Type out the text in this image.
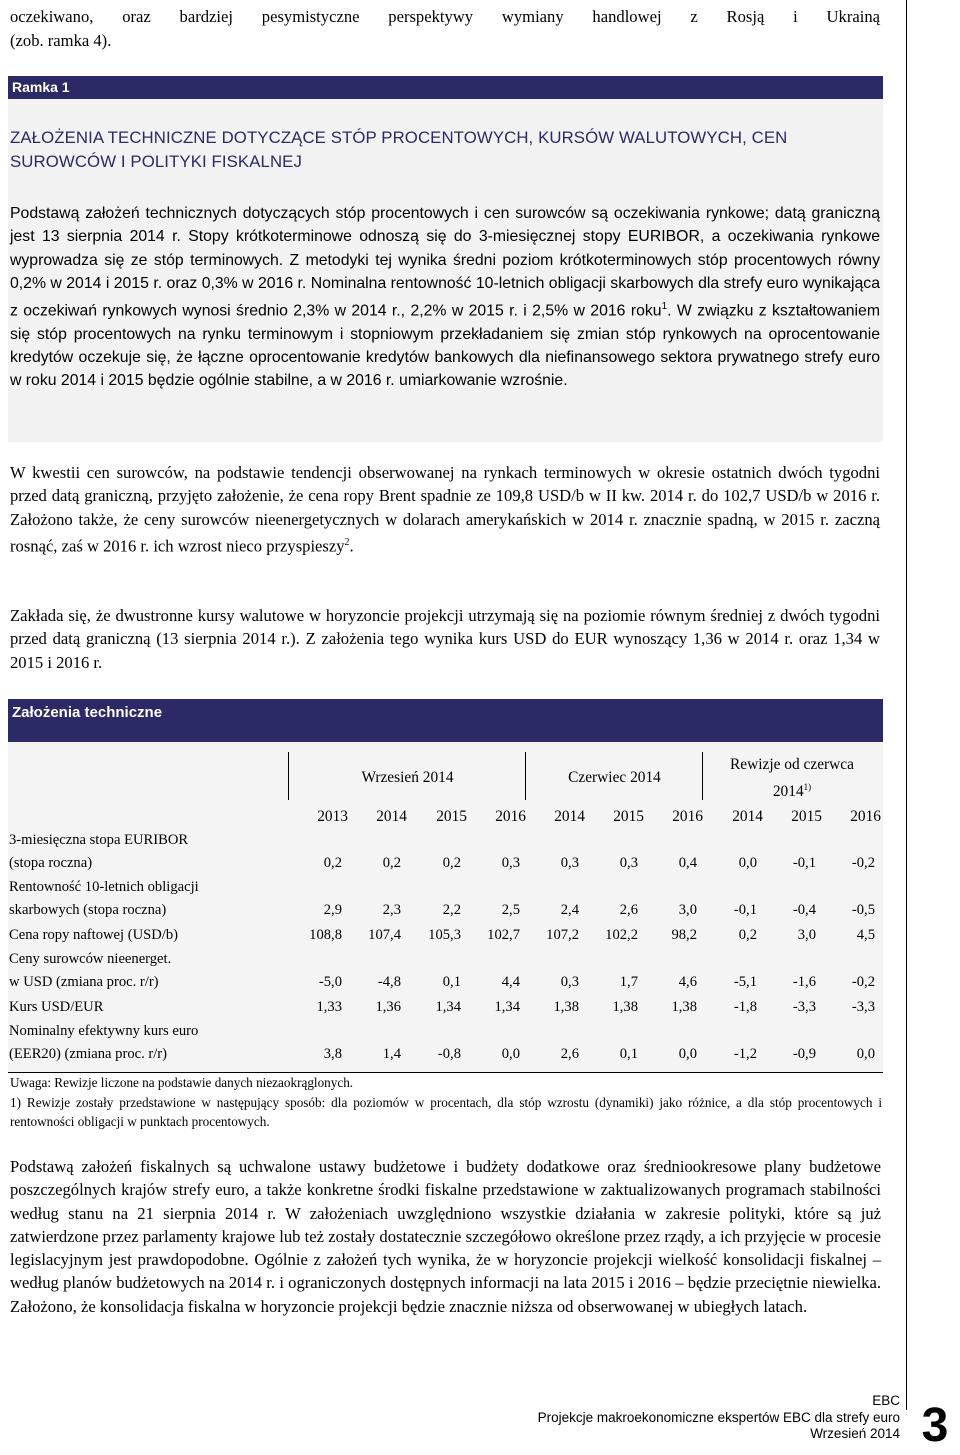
oczekiwano, oraz bardziej pesymistyczne perspektywy wymiany handlowej z Rosją i Ukrainą

(zob. ramka 4).

Ramka 1

ZAŁOŻENIA TECHNICZNE DOTYCZĄCE STÓP PROCENTOWYCH, KURSÓW WALUTOWYCH, CEN SUROWCÓW I POLITYKI FISKALNEJ

Podstawą założeń technicznych dotyczących stóp procentowych i cen surowców są oczekiwania rynkowe; datą graniczną jest 13 sierpnia 2014 r. Stopy krótkoterminowe odnoszą się do 3-miesięcznej stopy EURIBOR, a oczekiwania rynkowe wyprowadza się ze stóp terminowych. Z metodyki tej wynika średni poziom krótkoterminowych stóp procentowych równy 0,2% w 2014 i 2015 r. oraz 0,3% w 2016 r. Nominalna rentowność 10-letnich obligacji skarbowych dla strefy euro wynikająca z oczekiwań rynkowych wynosi średnio 2,3% w 2014 r., 2,2% w 2015 r. i 2,5% w 2016 roku$^1$. W związku z kształtowaniem się stóp procentowych na rynku terminowym i stopniowym przekładaniem się zmian stóp rynkowych na oprocentowanie kredytów oczekuje się, że łączne oprocentowanie kredytów bankowych dla niefinansowego sektora prywatnego strefy euro w roku 2014 i 2015 będzie ogólnie stabilne, a w 2016 r. umiarkowanie wzrośnie.

W kwestii cen surowców, na podstawie tendencji obserwowanej na rynkach terminowych w okresie ostatnich dwóch tygodni przed datą graniczną, przyjęto założenie, że cena ropy Brent spadnie ze 109,8 USD/b w II kw. 2014 r. do 102,7 USD/b w 2016 r. Założono także, że ceny surowców nieenergetycznych w dolarach amerykańskich w 2014 r. znacznie spadną, w 2015 r. zaczną rosnąć, zaś w 2016 r. ich wzrost nieco przyspieszy$^2$.

Zakłada się, że dwustronne kursy walutowe w horyzoncie projekcji utrzymają się na poziomie równym średniej z dwóch tygodni przed datą graniczną (13 sierpnia 2014 r.). Z założenia tego wynika kurs USD do EUR wynoszący 1,36 w 2014 r. oraz 1,34 w 2015 i 2016 r.

Założenia techniczne
	Wrzesień 2014				Czerwiec 2014			Rewizje od czerwca
2014$^{1)}$
	2013	2014	2015	2016	2014	2015	2016	2014	2015	2016
3-miesięczna stopa EURIBOR										
(stopa roczna)	0,2	0,2	0,2	0,3	0,3	0,3	0,4	0,0	-0,1	-0,2
Rentowność 10-letnich obligacji										
skarbowych (stopa roczna)	2,9	2,3	2,2	2,5	2,4	2,6	3,0	-0,1	-0,4	-0,5
Cena ropy naftowej (USD/b)	108,8	107,4	105,3	102,7	107,2	102,2	98,2	0,2	3,0	4,5
Ceny surowców nieenerget.										
w USD (zmiana proc. r/r)	-5,0	-4,8	0,1	4,4	0,3	1,7	4,6	-5,1	-1,6	-0,2
Kurs USD/EUR	1,33	1,36	1,34	1,34	1,38	1,38	1,38	-1,8	-3,3	-3,3
Nominalny efektywny kurs euro										
(EER20) (zmiana proc. r/r)	3,8	1,4	-0,8	0,0	2,6	0,1	0,0	-1,2	-0,9	0,0

Uwaga: Rewizje liczone na podstawie danych niezaokrąglonych.

1) Rewizje zostały przedstawione w następujący sposób: dla poziomów w procentach, dla stóp wzrostu (dynamiki) jako różnice, a dla stóp procentowych i rentowności obligacji w punktach procentowych.

Podstawą założeń fiskalnych są uchwalone ustawy budżetowe i budżety dodatkowe oraz średniookresowe plany budżetowe poszczególnych krajów strefy euro, a także konkretne środki fiskalne przedstawione w zaktualizowanych programach stabilności według stanu na 21 sierpnia 2014 r. W założeniach uwzględniono wszystkie działania w zakresie polityki, które są już zatwierdzone przez parlamenty krajowe lub też zostały dostatecznie szczegółowo określone przez rządy, a ich przyjęcie w procesie legislacyjnym jest prawdopodobne. Ogólnie z założeń tych wynika, że w horyzoncie projekcji wielkość konsolidacji fiskalnej – według planów budżetowych na 2014 r. i ograniczonych dostępnych informacji na lata 2015 i 2016 – będzie przeciętnie niewielka. Założono, że konsolidacja fiskalna w horyzoncie projekcji będzie znacznie niższa od obserwowanej w ubiegłych latach.

EBC
Projekcje makroekonomiczne ekspertów EBC dla strefy euro
Wrzesień 2014 3
